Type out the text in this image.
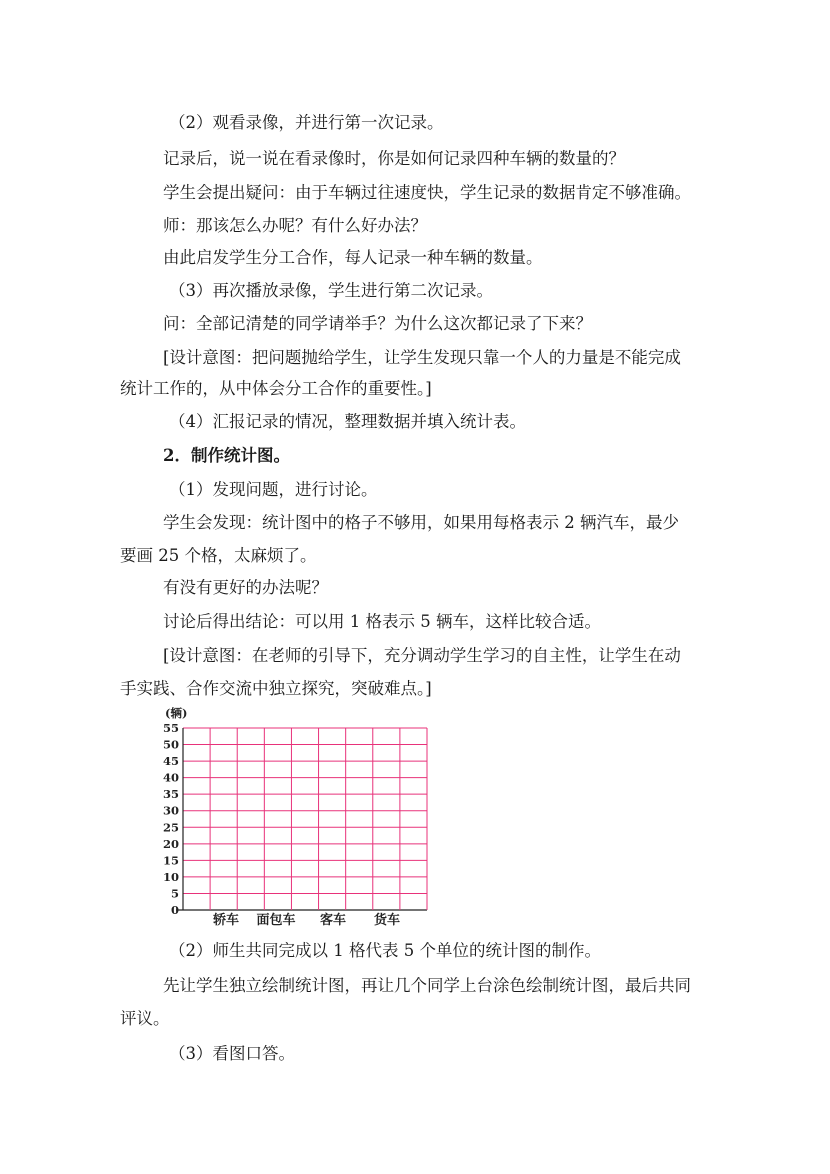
（2）观看录像，并进行第一次记录。
记录后，说一说在看录像时，你是如何记录四种车辆的数量的？
学生会提出疑问：由于车辆过往速度快，学生记录的数据肯定不够准确。
师：那该怎么办呢？有什么好办法？
由此启发学生分工合作，每人记录一种车辆的数量。
（3）再次播放录像，学生进行第二次记录。
问：全部记清楚的同学请举手？为什么这次都记录了下来？
[设计意图：把问题抛给学生，让学生发现只靠一个人的力量是不能完成
统计工作的，从中体会分工合作的重要性。]
（4）汇报记录的情况，整理数据并填入统计表。
2．制作统计图。
（1）发现问题，进行讨论。
学生会发现：统计图中的格子不够用，如果用每格表示 2 辆汽车，最少
要画 25 个格，太麻烦了。
有没有更好的办法呢？
讨论后得出结论：可以用 1 格表示 5 辆车，这样比较合适。
[设计意图：在老师的引导下，充分调动学生学习的自主性，让学生在动
手实践、合作交流中独立探究，突破难点。]
0
5
10
15
20
25
30
35
40
45
50
55
(辆)
轿车 面包车 客车 货车
（2）师生共同完成以 1 格代表 5 个单位的统计图的制作。
先让学生独立绘制统计图，再让几个同学上台涂色绘制统计图，最后共同
评议。
（3）看图口答。
